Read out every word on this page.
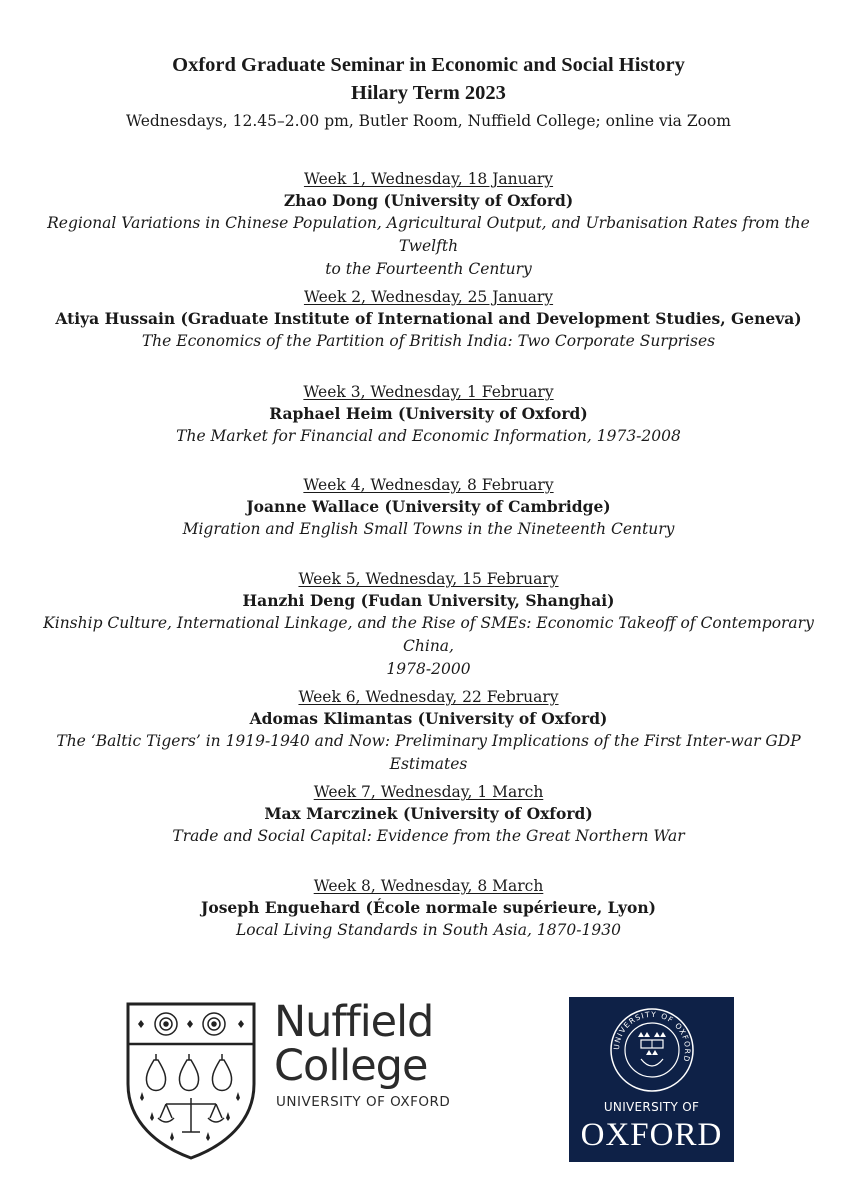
Oxford Graduate Seminar in Economic and Social History
Hilary Term 2023
Wednesdays, 12.45–2.00 pm, Butler Room, Nuffield College; online via Zoom
Week 1, Wednesday, 18 January
Zhao Dong (University of Oxford)
Regional Variations in Chinese Population, Agricultural Output, and Urbanisation Rates from the Twelfth
to the Fourteenth Century
Week 2, Wednesday, 25 January
Atiya Hussain (Graduate Institute of International and Development Studies, Geneva)
The Economics of the Partition of British India: Two Corporate Surprises
Week 3, Wednesday, 1 February
Raphael Heim (University of Oxford)
The Market for Financial and Economic Information, 1973-2008
Week 4, Wednesday, 8 February
Joanne Wallace (University of Cambridge)
Migration and English Small Towns in the Nineteenth Century
Week 5, Wednesday, 15 February
Hanzhi Deng (Fudan University, Shanghai)
Kinship Culture, International Linkage, and the Rise of SMEs: Economic Takeoff of Contemporary China,
1978-2000
Week 6, Wednesday, 22 February
Adomas Klimantas (University of Oxford)
The ‘Baltic Tigers’ in 1919-1940 and Now: Preliminary Implications of the First Inter-war GDP Estimates
Week 7, Wednesday, 1 March
Max Marczinek (University of Oxford)
Trade and Social Capital: Evidence from the Great Northern War
Week 8, Wednesday, 8 March
Joseph Enguehard (École normale supérieure, Lyon)
Local Living Standards in South Asia, 1870-1930
Nuffield
College
UNIVERSITY OF OXFORD
UNIVERSITY OF OXFORD
UNIVERSITY OF
OXFORD
